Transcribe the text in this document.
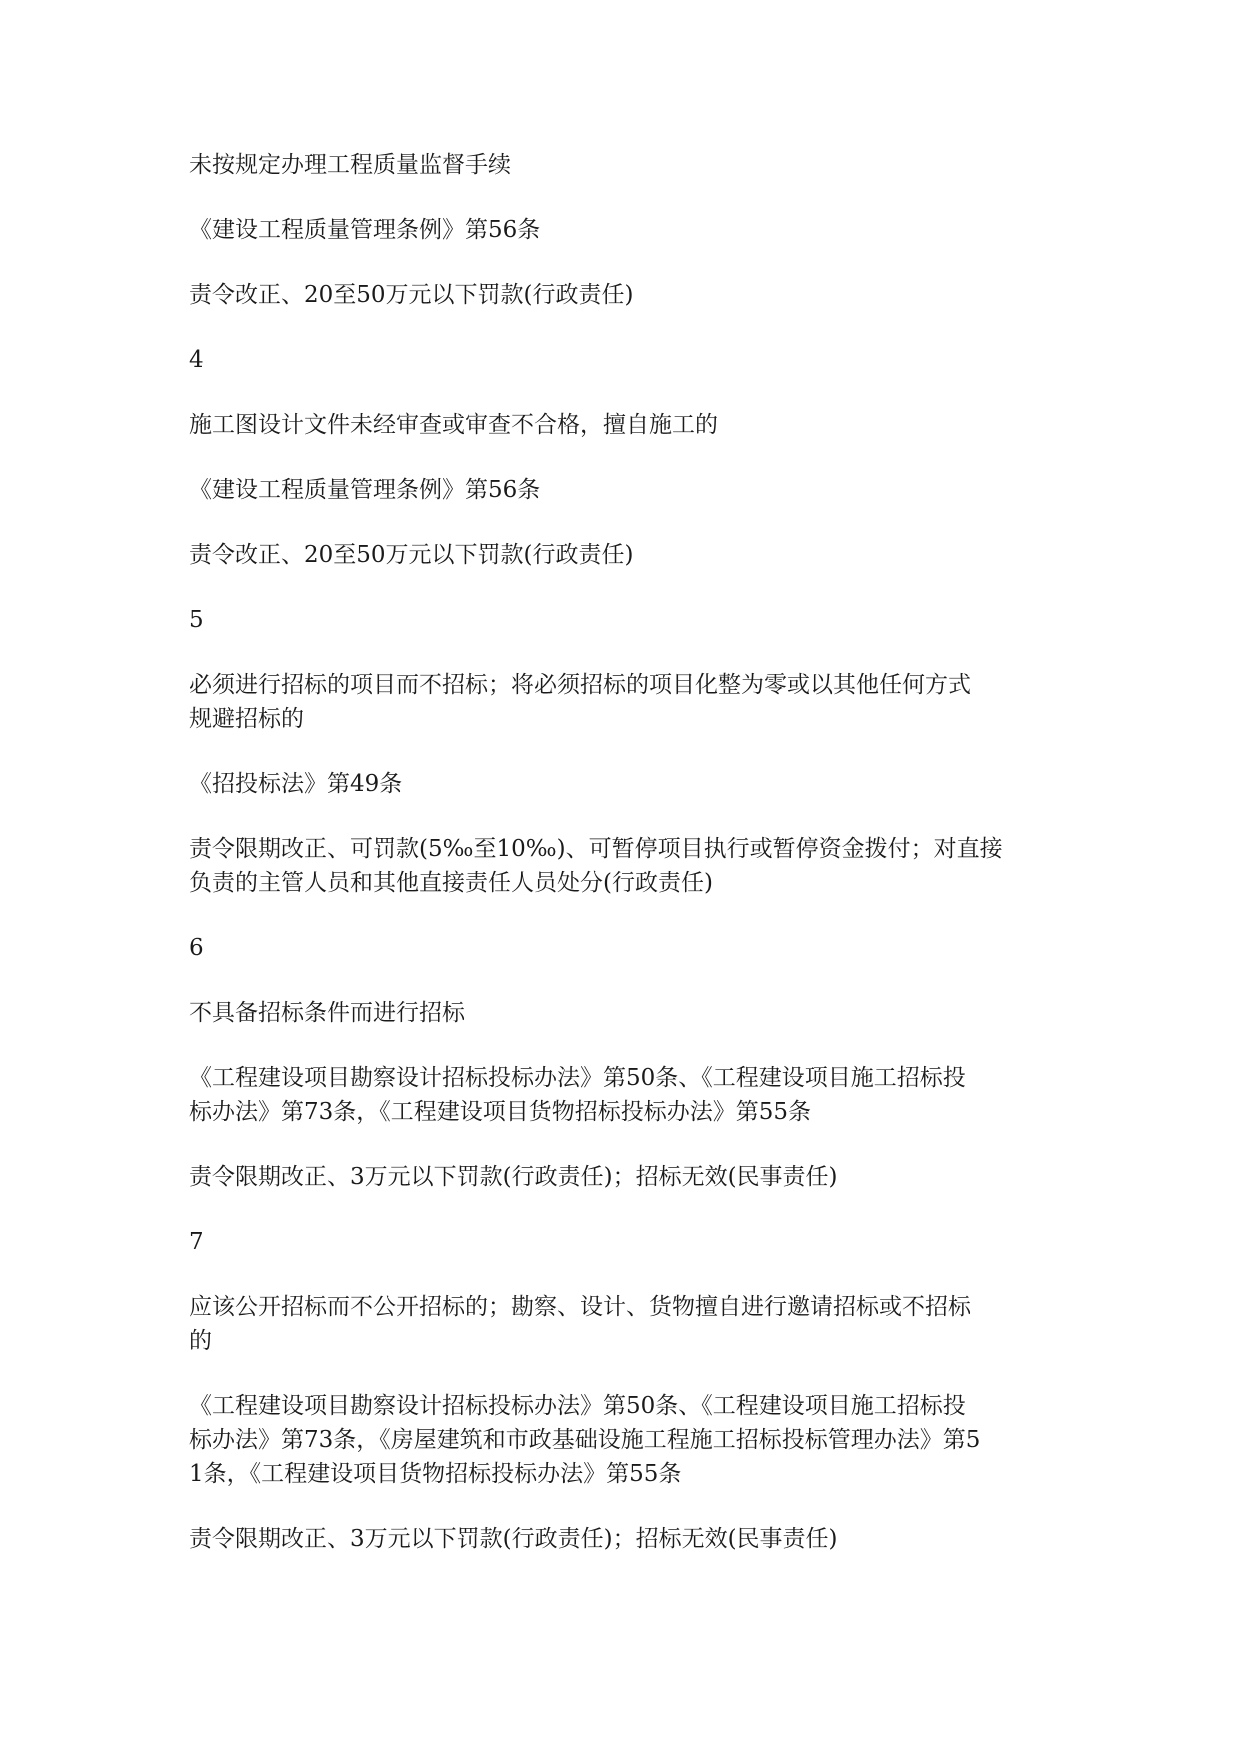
未按规定办理工程质量监督手续

《建设工程质量管理条例》第56条

责令改正、20至50万元以下罚款(行政责任)

4

施工图设计文件未经审查或审查不合格，擅自施工的

《建设工程质量管理条例》第56条

责令改正、20至50万元以下罚款(行政责任)

5

必须进行招标的项目而不招标；将必须招标的项目化整为零或以其他任何方式
规避招标的

《招投标法》第49条

责令限期改正、可罚款(5‰至10‰)、可暂停项目执行或暂停资金拨付；对直接
负责的主管人员和其他直接责任人员处分(行政责任)

6

不具备招标条件而进行招标

《工程建设项目勘察设计招标投标办法》第50条、《工程建设项目施工招标投
标办法》第73条，《工程建设项目货物招标投标办法》第55条

责令限期改正、3万元以下罚款(行政责任)；招标无效(民事责任)

7

应该公开招标而不公开招标的；勘察、设计、货物擅自进行邀请招标或不招标
的

《工程建设项目勘察设计招标投标办法》第50条、《工程建设项目施工招标投
标办法》第73条，《房屋建筑和市政基础设施工程施工招标投标管理办法》第5
1条，《工程建设项目货物招标投标办法》第55条

责令限期改正、3万元以下罚款(行政责任)；招标无效(民事责任)
